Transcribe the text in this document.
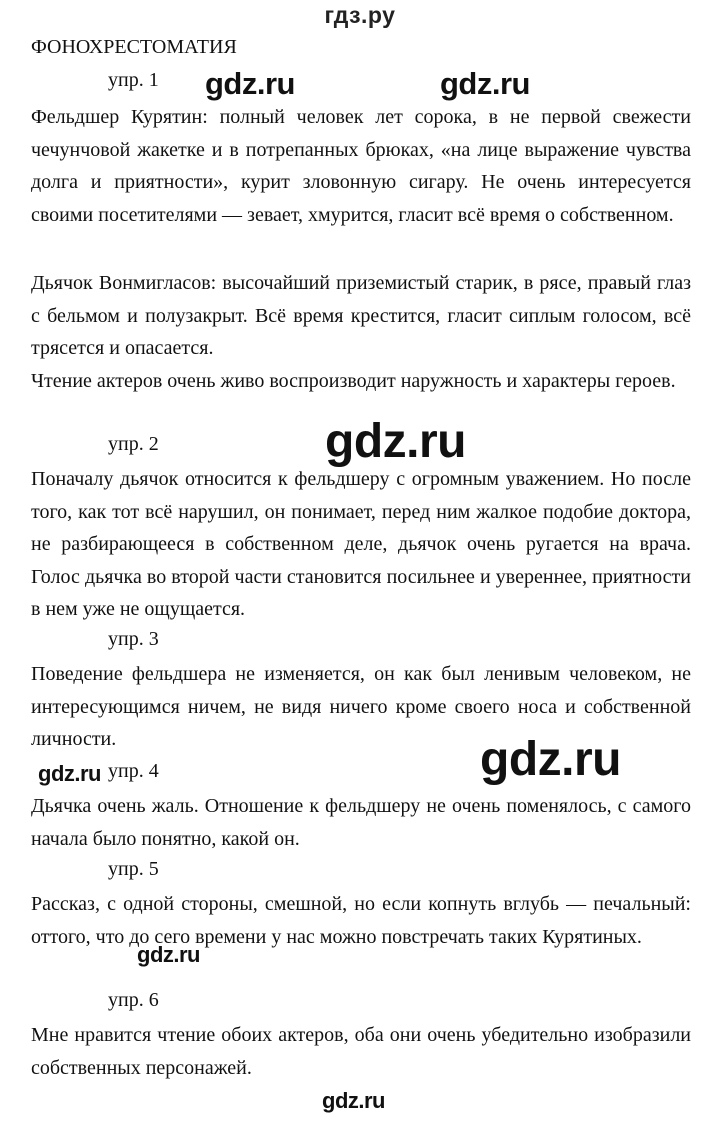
гдз.ру
ФОНОХРЕСТОМАТИЯ
упр. 1

Фельдшер Курятин: полный человек лет сорока, в не первой свежести чечунчовой жакетке и в потрепанных брюках, «на лице выражение чувства долга и приятности», курит зловонную сигару. Не очень интересуется своими посетителями — зевает, хмурится, гласит всё время о собственном.

Дьячок Вонмигласов: высочайший приземистый старик, в рясе, правый глаз с бельмом и полузакрыт. Всё время крестится, гласит сиплым голосом, всё трясется и опасается.

Чтение актеров очень живо воспроизводит наружность и характеры героев.

упр. 2

Поначалу дьячок относится к фельдшеру с огромным уважением. Но после того, как тот всё нарушил, он понимает, перед ним жалкое подобие доктора, не разбирающееся в собственном деле, дьячок очень ругается на врача. Голос дьячка во второй части становится посильнее и увереннее, приятности в нем уже не ощущается.

упр. 3

Поведение фельдшера не изменяется, он как был ленивым человеком, не интересующимся ничем, не видя ничего кроме своего носа и собственной личности.

упр. 4

Дьячка очень жаль. Отношение к фельдшеру не очень поменялось, с самого начала было понятно, какой он.

упр. 5

Рассказ, с одной стороны, смешной, но если копнуть вглубь — печальный: оттого, что до сего времени у нас можно повстречать таких Курятиных.

упр. 6

Мне нравится чтение обоих актеров, оба они очень убедительно изобразили собственных персонажей.

gdz.ru	gdz.ru
gdz.ru
gdz.ru
gdz.ru
gdz.ru
gdz.ru
